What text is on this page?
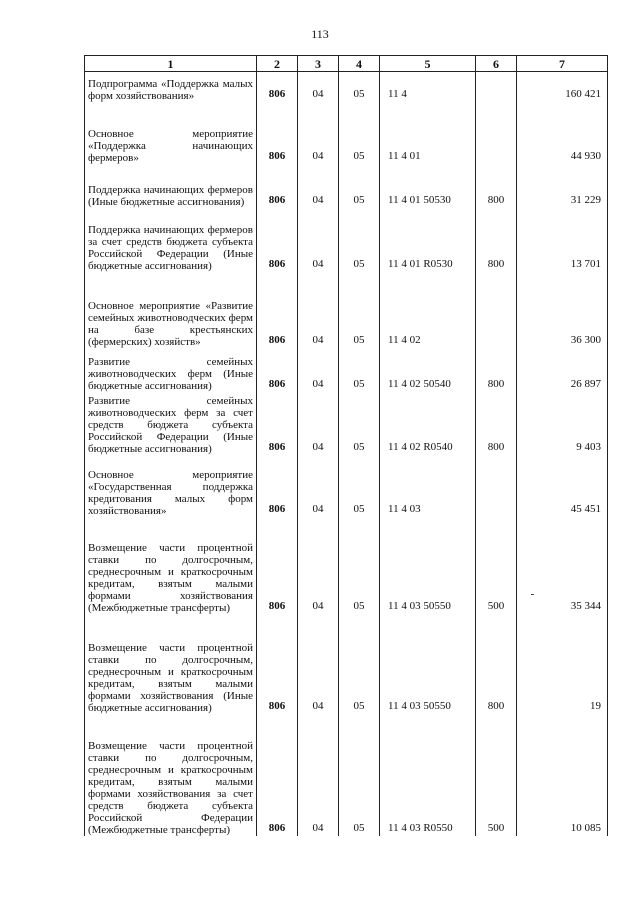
113
1	2	3	4	5	6	7
Подпрограмма «Поддержка малых форм хозяйствования»	806	04	05	11 4		160 421
Основное мероприятие «Поддержка начинающих фермеров»	806	04	05	11 4 01		44 930
Поддержка начинающих фермеров (Иные бюджетные ассигнования)	806	04	05	11 4 01 50530	800	31 229
Поддержка начинающих фермеров за счет средств бюджета субъекта Российской Федерации (Иные бюджетные ассигнования)	806	04	05	11 4 01 R0530	800	13 701
Основное мероприятие «Развитие семейных животноводческих ферм на базе крестьянских (фермерских) хозяйств»	806	04	05	11 4 02		36 300
Развитие семейных животноводческих ферм (Иные бюджетные ассигнования)	806	04	05	11 4 02 50540	800	26 897
Развитие семейных животноводческих ферм за счет средств бюджета субъекта Российской Федерации (Иные бюджетные ассигнования)	806	04	05	11 4 02 R0540	800	9 403
Основное мероприятие «Государственная поддержка кредитования малых форм хозяйствования»	806	04	05	11 4 03		45 451
Возмещение части процентной ставки по долгосрочным, среднесрочным и краткосрочным кредитам, взятым малыми формами хозяйствования (Межбюджетные трансферты)	806	04	05	11 4 03 50550	500	35 344
Возмещение части процентной ставки по долгосрочным, среднесрочным и краткосрочным кредитам, взятым малыми формами хозяйствования (Иные бюджетные ассигнования)	806	04	05	11 4 03 50550	800	19
Возмещение части процентной ставки по долгосрочным, среднесрочным и краткосрочным кредитам, взятым малыми формами хозяйствования за счет средств бюджета субъекта Российской Федерации (Межбюджетные трансферты)	806	04	05	11 4 03 R0550	500	10 085
